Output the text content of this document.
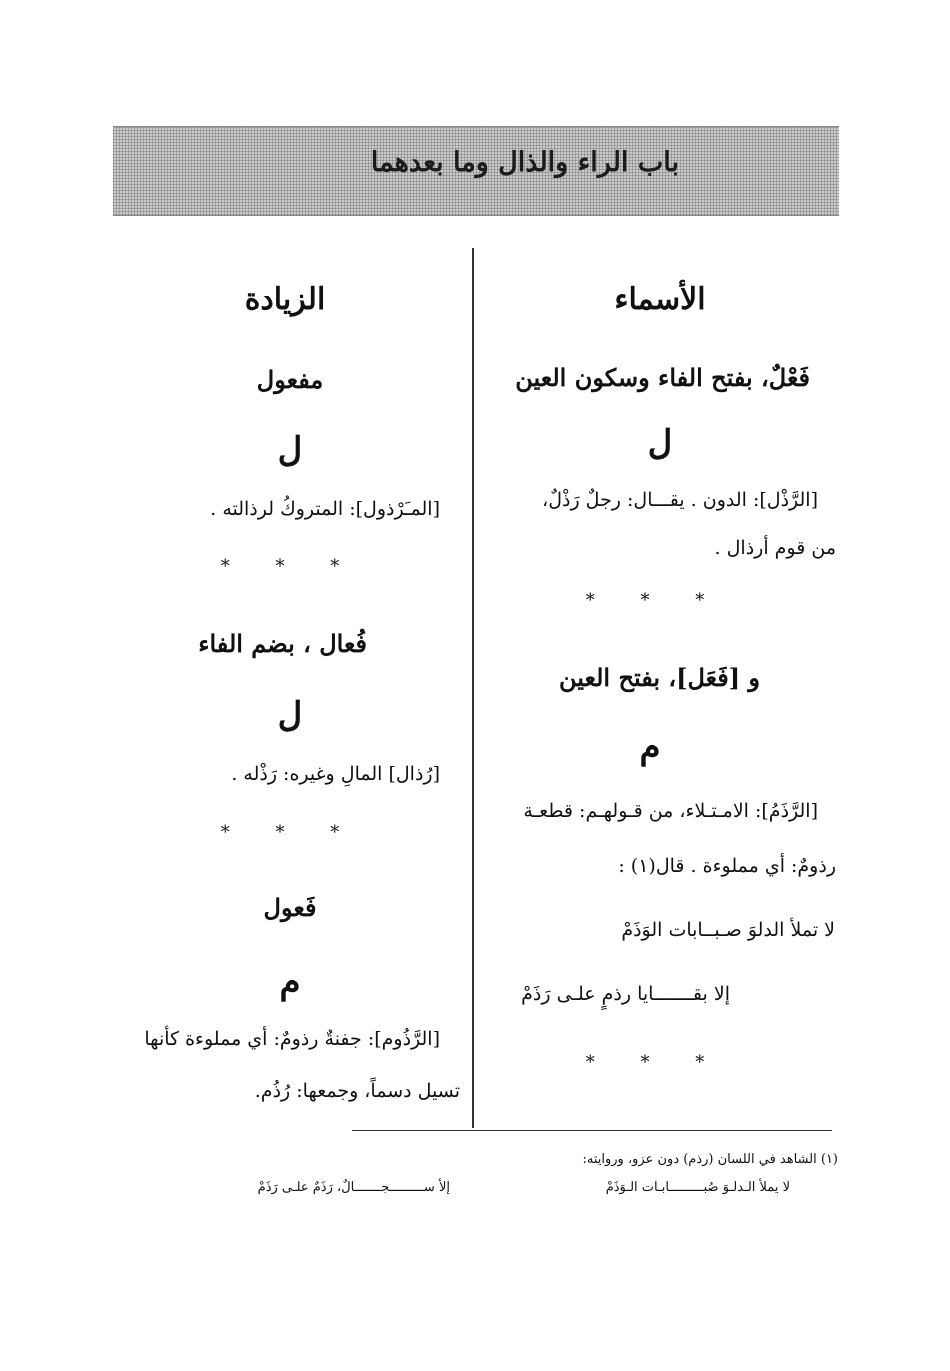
باب الراء والذال وما بعدهما
الأسماء
فَعْلٌ، بفتح الفاء وسكون العين
ل
[الرَّذْل]: الدون . يقـــال: رجلٌ رَذْلٌ،
من قوم أرذال .
* * *
و [فَعَل]، بفتح العين
م
[الرَّذَمُ]: الامـتـلاء، من قـولهـم: قطعـة
رذومٌ: أي مملوءة . قال(١) :
لا تملأ الدلوَ صـبــابات الوَذَمْ
إلا بقـــــــايا رذمٍ علـى رَذَمْ
* * *
الزيادة
مفعول
ل
[المـَرْذول]: المتروكُ لرذالته .
* * *
فُعال ، بضم الفاء
ل
[رُذال] المالِ وغيره: رَذْله .
* * *
فَعول
م
[الرَّذُوم]: جفنةٌ رذومٌ: أي مملوءة كأنها
تسيل دسماً، وجمعها: رُذُم.
(١) الشاهد في اللسان (رذم) دون عزو، وروايته:
لا يملأ الـدلـوَ صُبـــــــــابـات الـوَذَمْ
إلأ ســـــــــجـــــــالٌ، رَذَمٌ علـى رَذَمْ
